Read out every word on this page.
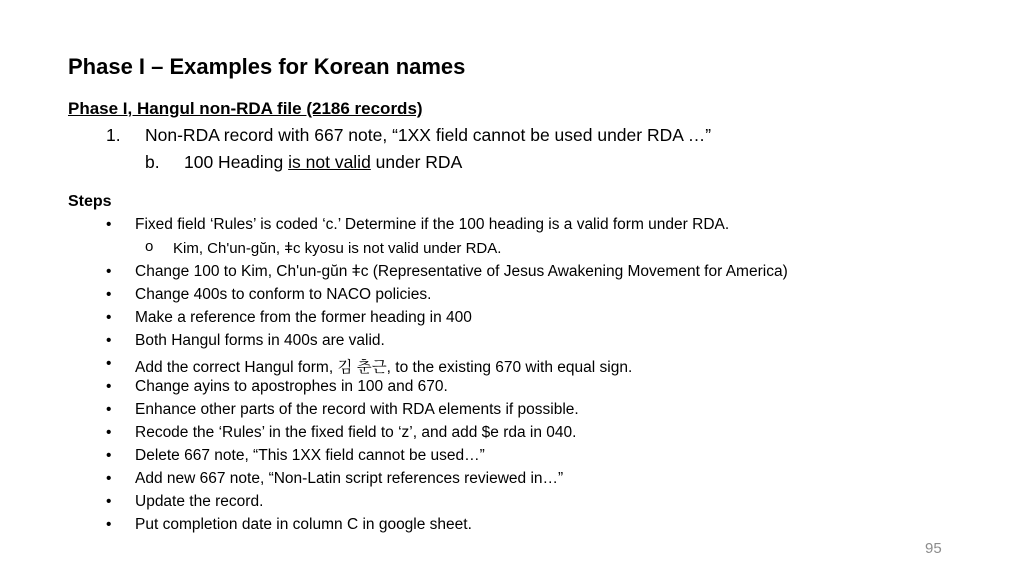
Phase I – Examples for Korean names
Phase I, Hangul non-RDA file (2186 records)
1. Non-RDA record with 667 note, “1XX field cannot be used under RDA …”
b. 100 Heading is not valid under RDA
Steps
• Fixed field ‘Rules’ is coded ‘c.’ Determine if the 100 heading is a valid form under RDA.
o Kim, Ch'un-gŭn, ǂc kyosu is not valid under RDA.
• Change 100 to Kim, Ch'un-gŭn ǂc (Representative of Jesus Awakening Movement for America)
• Change 400s to conform to NACO policies.
• Make a reference from the former heading in 400
• Both Hangul forms in 400s are valid.
• Add the correct Hangul form, 김 춘근, to the existing 670 with equal sign.
• Change ayins to apostrophes in 100 and 670.
• Enhance other parts of the record with RDA elements if possible.
• Recode the ‘Rules’ in the fixed field to ‘z’, and add $e rda in 040.
• Delete 667 note, “This 1XX field cannot be used…”
• Add new 667 note, “Non-Latin script references reviewed in…”
• Update the record.
• Put completion date in column C in google sheet.
95
